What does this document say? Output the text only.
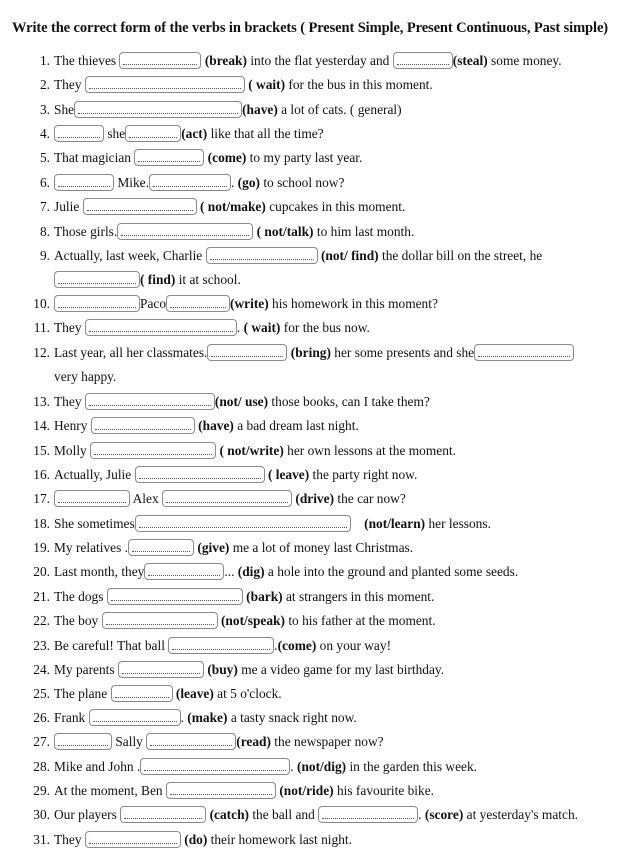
Write the correct form of the verbs in brackets ( Present Simple, Present Continuous, Past simple)
1. The thieves	(break) into the flat yesterday and	(steal) some money.
2. They	( wait) for the bus in this moment.
3. She	(have) a lot of cats. ( general)
4.	she	(act) like that all the time?
5. That magician	(come) to my party last year.
6.	Mike.	. (go) to school now?
7. Julie	( not/make) cupcakes in this moment.
8. Those girls.	( not/talk) to him last month.
9. Actually, last week, Charlie	(not/ find) the dollar bill on the street, he
( find) it at school.
10.	Paco	(write) his homework in this moment?
11. They	. ( wait) for the bus now.
12. Last year, all her classmates.	(bring) her some presents and she
very happy.
13. They	(not/ use) those books, can I take them?
14. Henry	(have) a bad dream last night.
15. Molly	( not/write) her own lessons at the moment.
16. Actually, Julie	( leave) the party right now.
17.	Alex	(drive) the car now?
18. She sometimes	(not/learn) her lessons.
19. My relatives .	(give) me a lot of money last Christmas.
20. Last month, they	... (dig) a hole into the ground and planted some seeds.
21. The dogs	(bark) at strangers in this moment.
22. The boy	(not/speak) to his father at the moment.
23. Be careful! That ball	.(come) on your way!
24. My parents	(buy) me a video game for my last birthday.
25. The plane	(leave) at 5 o'clock.
26. Frank	. (make) a tasty snack right now.
27.	Sally	(read) the newspaper now?
28. Mike and John .	. (not/dig) in the garden this week.
29. At the moment, Ben	(not/ride) his favourite bike.
30. Our players	(catch) the ball and	. (score) at yesterday's match.
31. They	(do) their homework last night.
